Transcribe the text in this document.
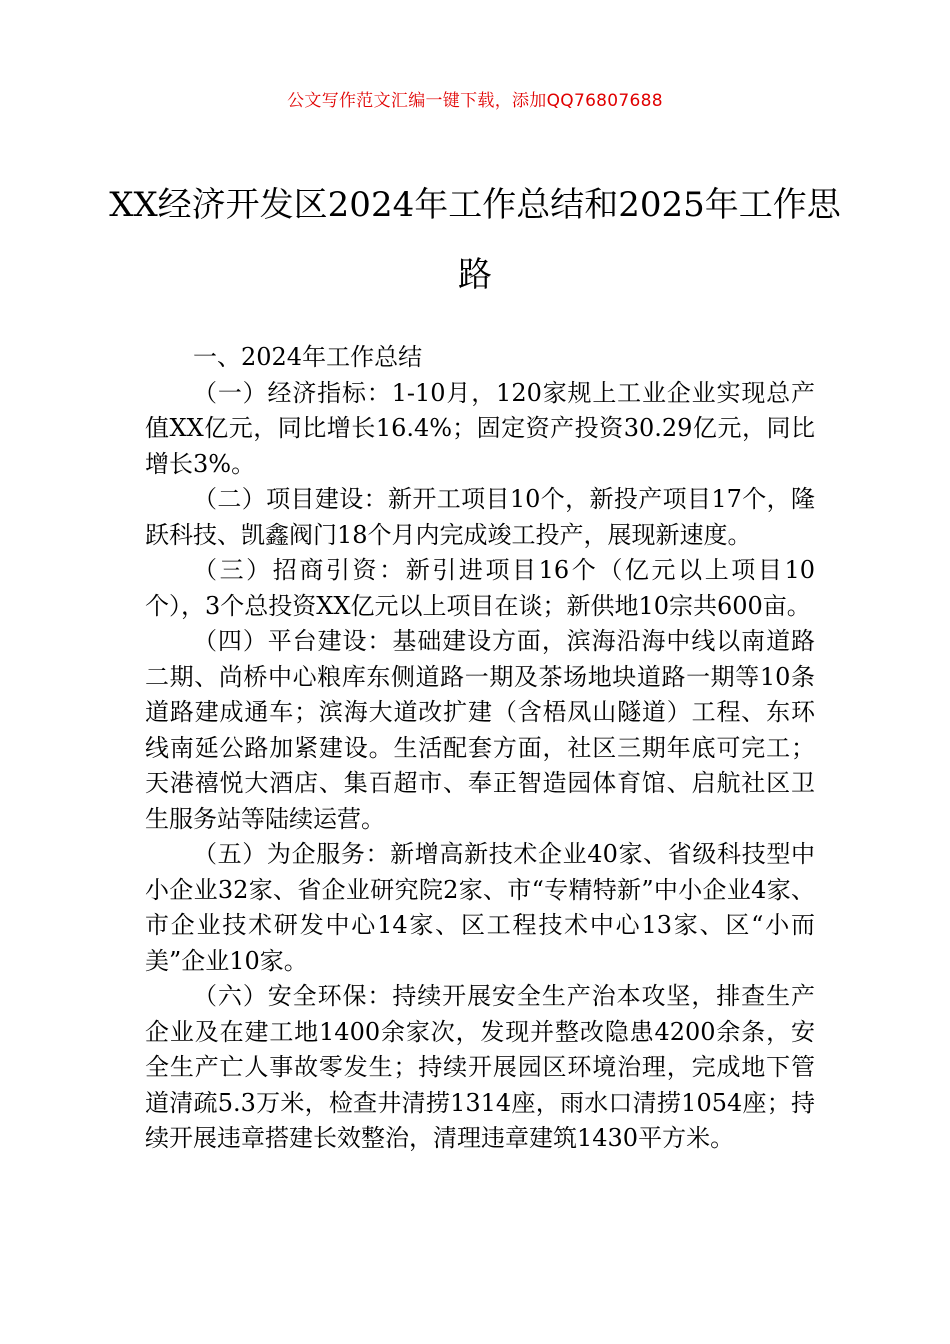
公文写作范文汇编一键下载，添加QQ76807688
XX经济开发区2024年工作总结和2025年工作思路

一、2024年工作总结

（一）经济指标：1-10月，120家规上工业企业实现总产值XX亿元，同比增长16.4%；固定资产投资30.29亿元，同比增长3%。

（二）项目建设：新开工项目10个，新投产项目17个，隆跃科技、凯鑫阀门18个月内完成竣工投产，展现新速度。

（三）招商引资：新引进项目16个（亿元以上项目10个），3个总投资XX亿元以上项目在谈；新供地10宗共600亩。

（四）平台建设：基础建设方面，滨海沿海中线以南道路二期、尚桥中心粮库东侧道路一期及茶场地块道路一期等10条道路建成通车；滨海大道改扩建（含梧凤山隧道）工程、东环线南延公路加紧建设。生活配套方面，社区三期年底可完工；天港禧悦大酒店、集百超市、奉正智造园体育馆、启航社区卫生服务站等陆续运营。

（五）为企服务：新增高新技术企业40家、省级科技型中小企业32家、省企业研究院2家、市“专精特新”中小企业4家、市企业技术研发中心14家、区工程技术中心13家、区“小而美”企业10家。

（六）安全环保：持续开展安全生产治本攻坚，排查生产企业及在建工地1400余家次，发现并整改隐患4200余条，安全生产亡人事故零发生；持续开展园区环境治理，完成地下管道清疏5.3万米，检查井清捞1314座，雨水口清捞1054座；持续开展违章搭建长效整治，清理违章建筑1430平方米。
